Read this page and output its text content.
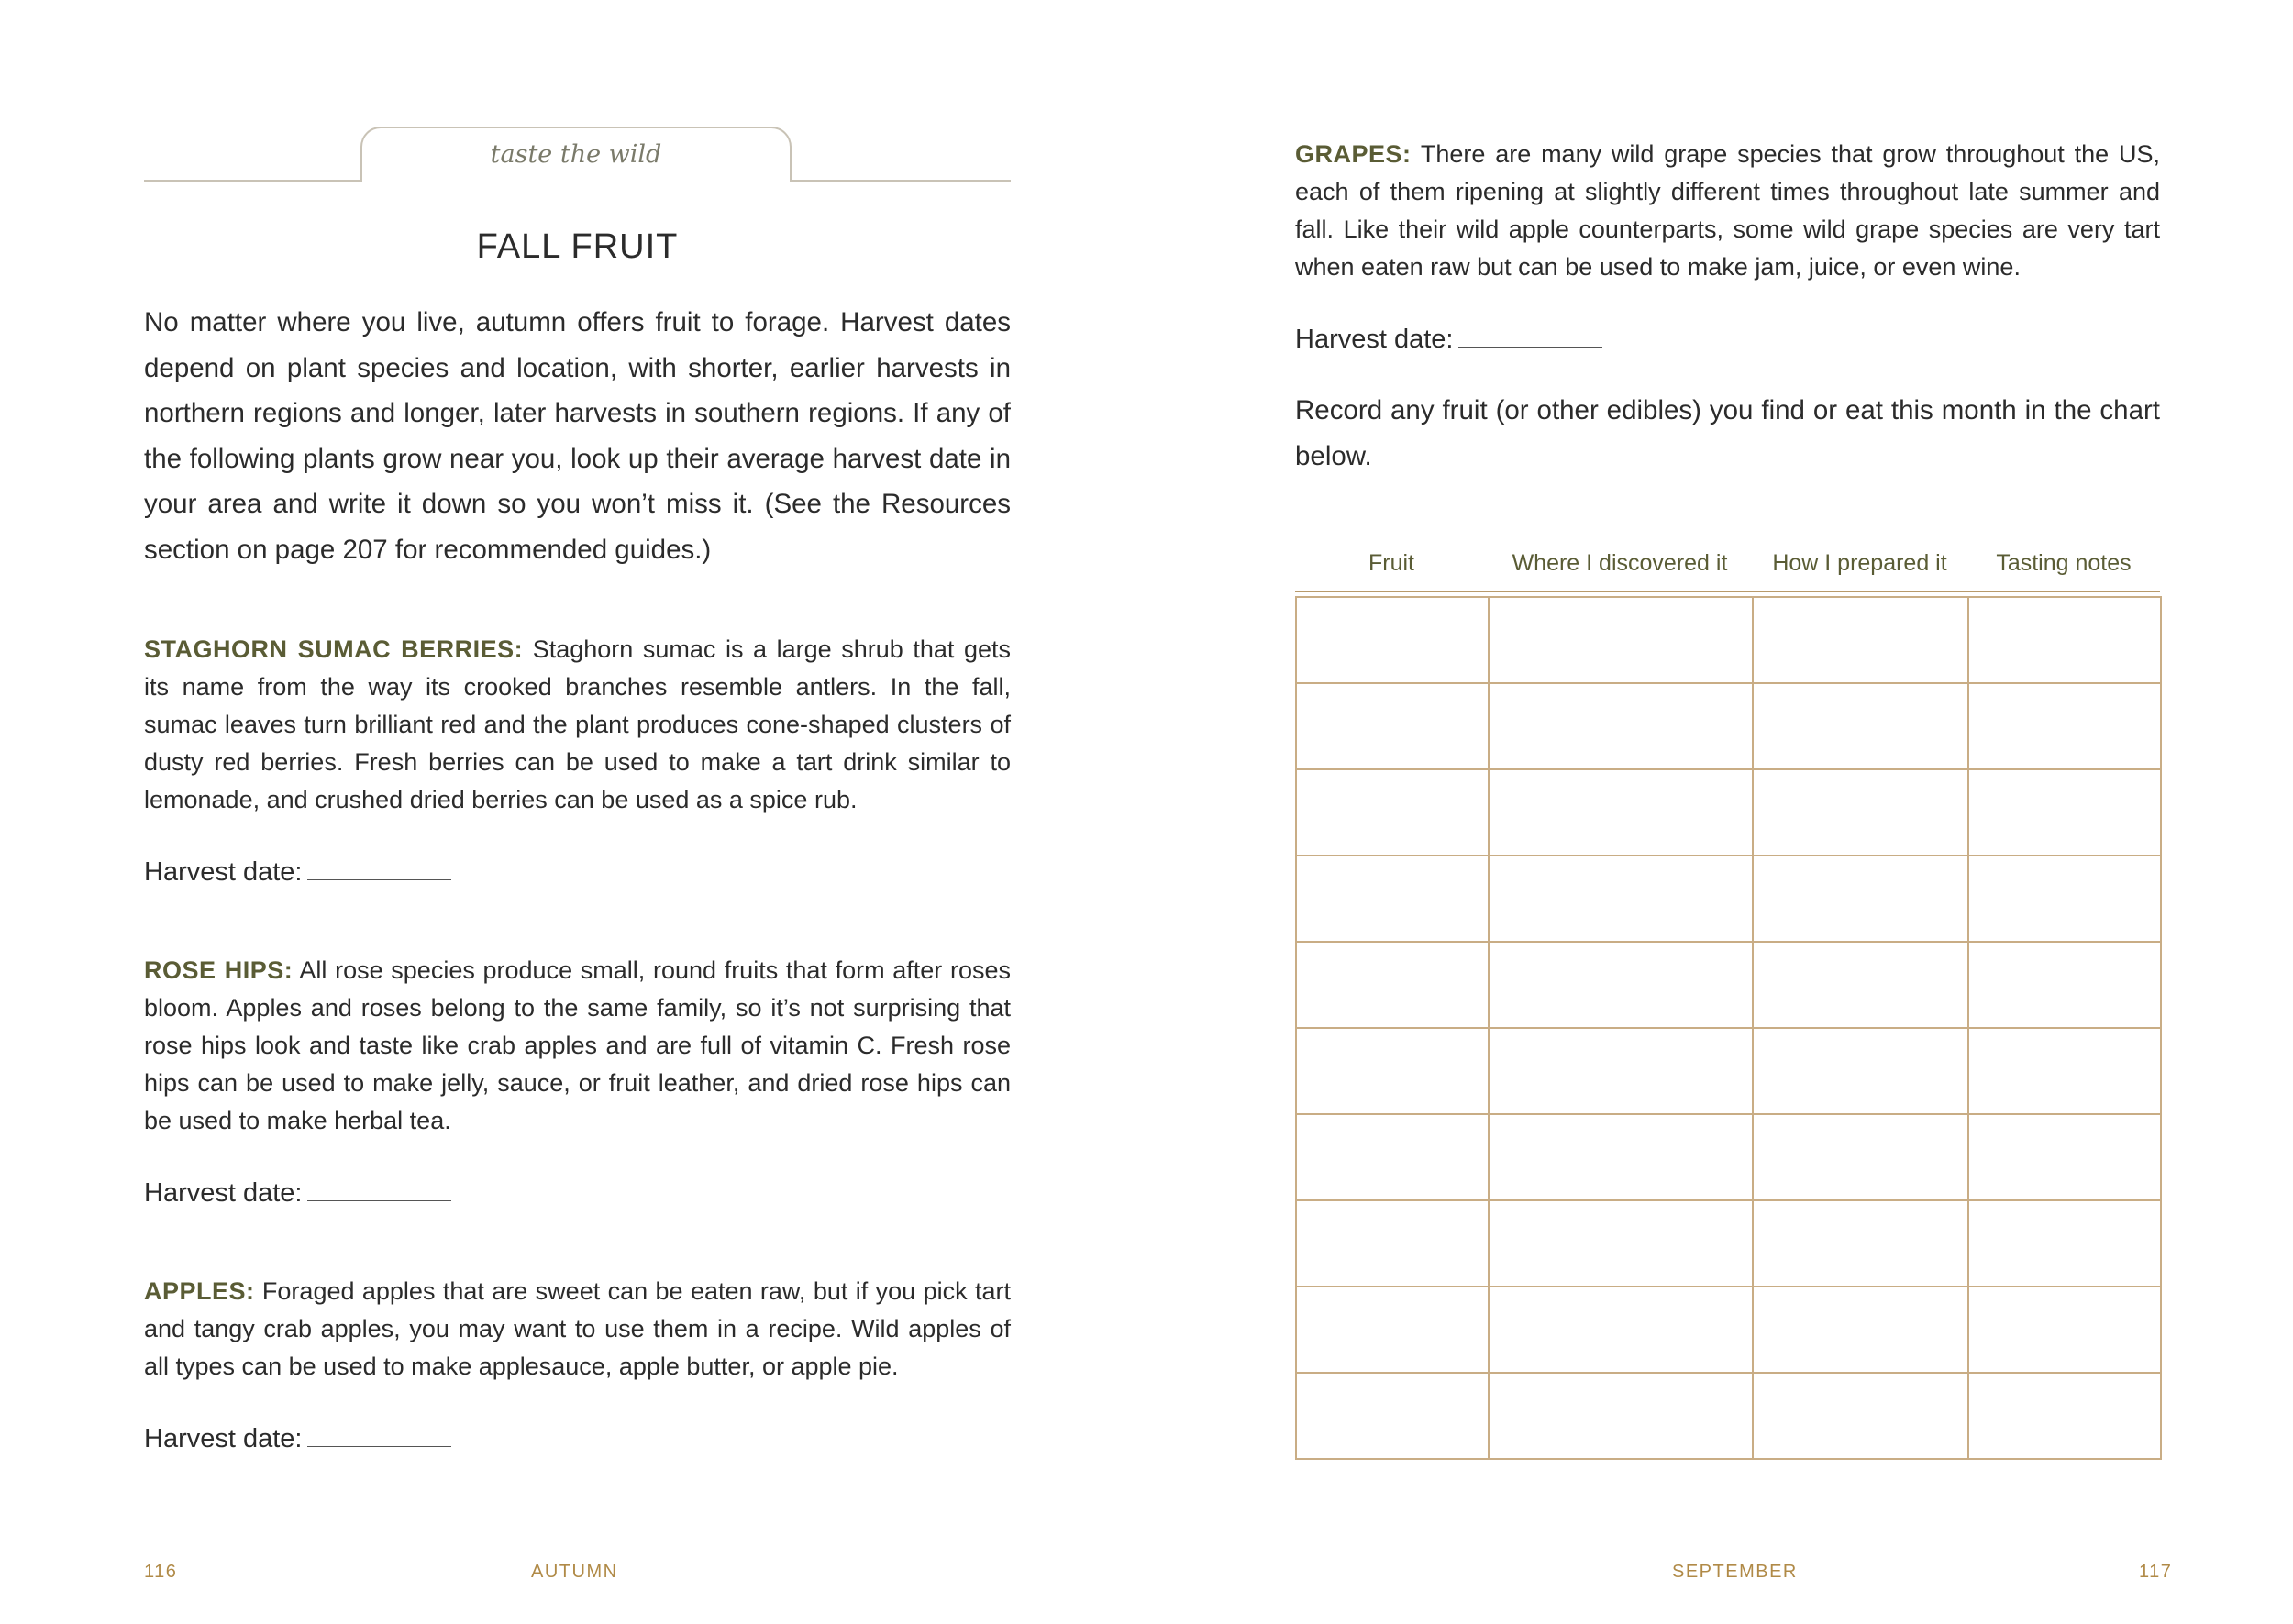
taste the wild
FALL FRUIT

No matter where you live, autumn offers fruit to forage. Harvest dates depend on plant species and location, with shorter, earlier harvests in northern regions and longer, later harvests in southern regions. If any of the following plants grow near you, look up their average harvest date in your area and write it down so you won’t miss it. (See the Resources section on page 207 for recommended guides.)

STAGHORN SUMAC BERRIES: Staghorn sumac is a large shrub that gets its name from the way its crooked branches resemble antlers. In the fall, sumac leaves turn brilliant red and the plant produces cone-shaped clusters of dusty red berries. Fresh berries can be used to make a tart drink similar to lemonade, and crushed dried berries can be used as a spice rub.

Harvest date:

ROSE HIPS: All rose species produce small, round fruits that form after roses bloom. Apples and roses belong to the same family, so it’s not surprising that rose hips look and taste like crab apples and are full of vitamin C. Fresh rose hips can be used to make jelly, sauce, or fruit leather, and dried rose hips can be used to make herbal tea.

Harvest date:

APPLES: Foraged apples that are sweet can be eaten raw, but if you pick tart and tangy crab apples, you may want to use them in a recipe. Wild apples of all types can be used to make applesauce, apple butter, or apple pie.

Harvest date:
116	AUTUMN

GRAPES: There are many wild grape species that grow throughout the US, each of them ripening at slightly different times throughout late summer and fall. Like their wild apple counterparts, some wild grape species are very tart when eaten raw but can be used to make jam, juice, or even wine.

Harvest date:

Record any fruit (or other edibles) you find or eat this month in the chart below.

Fruit	Where I discovered it	How I prepared it	Tasting notes

SEPTEMBER	117
